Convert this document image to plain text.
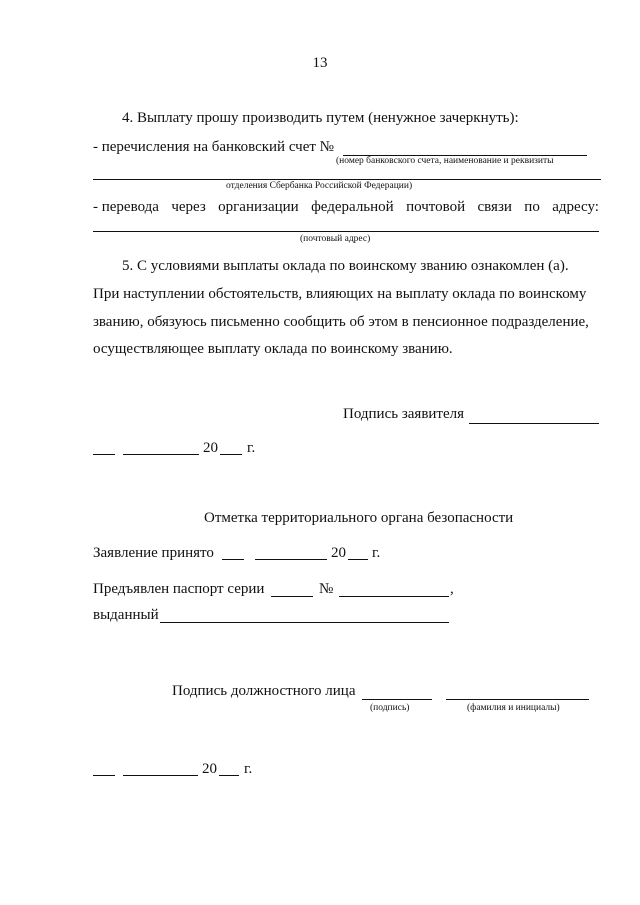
13
4. Выплату прошу производить путем (ненужное зачеркнуть):
- перечисления на банковский счет №
(номер банковского счета, наименование и реквизиты
отделения Сбербанка Российской Федерации)
- перевода через организации федеральной почтовой связи по адресу:
(почтовый адрес)
5. С условиями выплаты оклада по воинскому званию ознакомлен (а).
При наступлении обстоятельств, влияющих на выплату оклада по воинскому
званию, обязуюсь письменно сообщить об этом в пенсионное подразделение,
осуществляющее выплату оклада по воинскому званию.
Подпись заявителя
20 г.
Отметка территориального органа безопасности
Заявление принято	20 г.
Предъявлен паспорт серии	№	,
выданный
Подпись должностного лица
(подпись)	(фамилия и инициалы)
20 г.
